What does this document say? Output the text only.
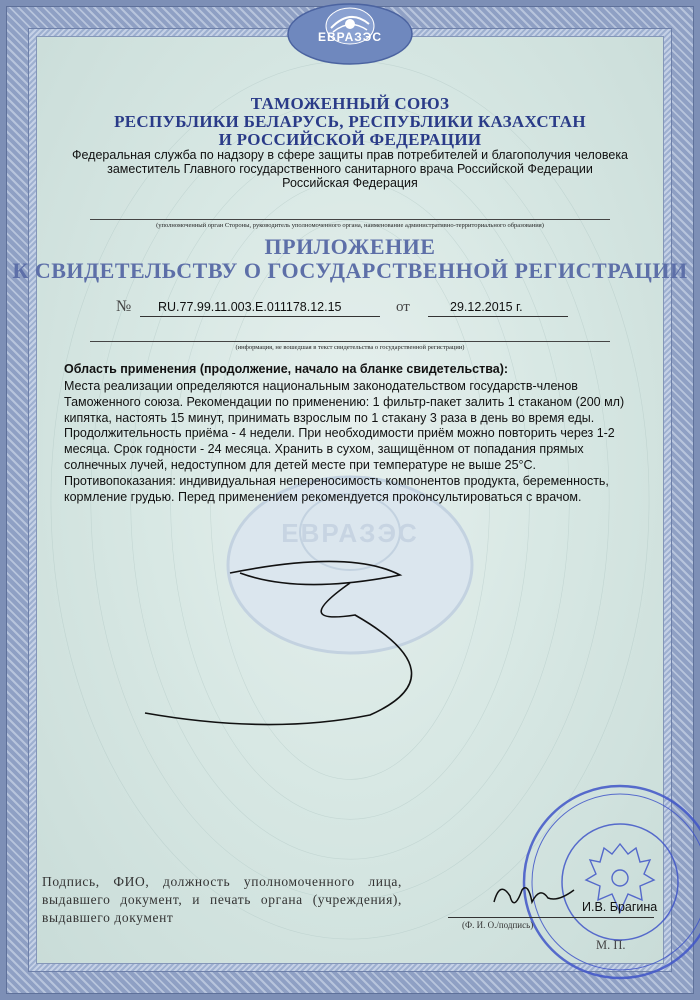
ЕВРАЗЭС
ТАМОЖЕННЫЙ СОЮЗ
РЕСПУБЛИКИ БЕЛАРУСЬ, РЕСПУБЛИКИ КАЗАХСТАН
И РОССИЙСКОЙ ФЕДЕРАЦИИ
Федеральная служба по надзору в сфере защиты прав потребителей и благополучия человека
заместитель Главного государственного санитарного врача Российской Федерации
Российская Федерация
(уполномоченный орган Стороны, руководитель уполномоченного органа, наименование административно-территориального образования)
ПРИЛОЖЕНИЕ
К СВИДЕТЕЛЬСТВУ О ГОСУДАРСТВЕННОЙ РЕГИСТРАЦИИ
№ RU.77.99.11.003.E.011178.12.15	от	29.12.2015 г.
(информация, не вошедшая в текст свидетельства о государственной регистрации)
ЕВРАЗЭС
Область применения (продолжение, начало на бланке свидетельства):

Места реализации определяются национальным законодательством государств-членов

Таможенного союза. Рекомендации по применению: 1 фильтр-пакет залить 1 стаканом (200 мл)

кипятка, настоять 15 минут, принимать взрослым по 1 стакану 3 раза в день во время еды.

Продолжительность приёма - 4 недели. При необходимости приём можно повторить через 1-2

месяца. Срок годности - 24 месяца. Хранить в сухом, защищённом от попадания прямых

солнечных лучей, недоступном для детей месте при температуре не выше 25°С.

Противопоказания: индивидуальная непереносимость компонентов продукта, беременность,

кормление грудью. Перед применением рекомендуется проконсультироваться с врачом.

Подпись, ФИО, должность уполномоченного лица, выдавшего документ, и печать органа (учреждения), выдавшего документ
И.В. Брагина
(Ф. И. О./подпись)
М. П.
